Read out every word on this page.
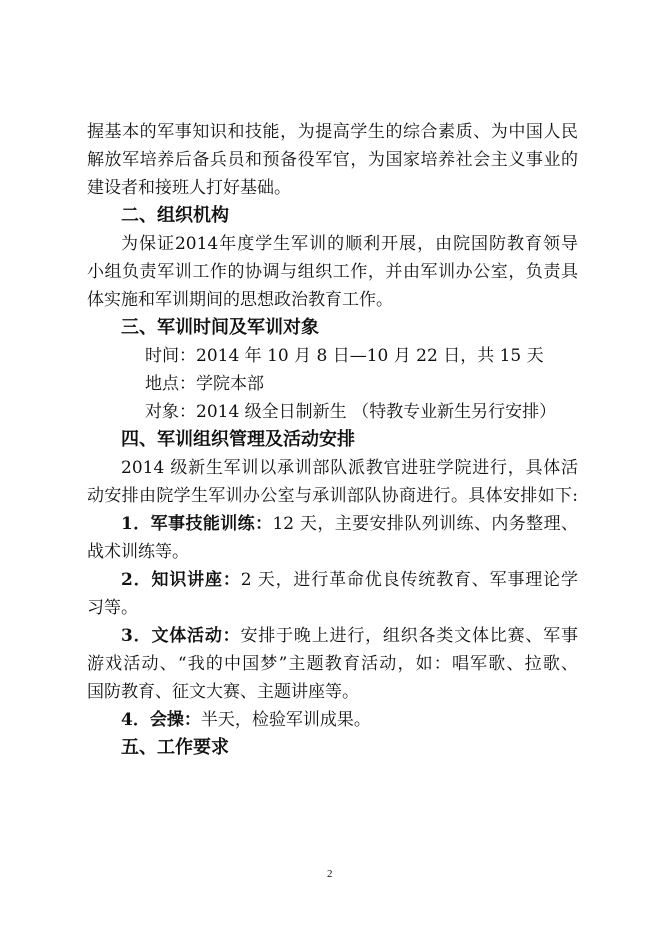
握基本的军事知识和技能，为提高学生的综合素质、为中国人民
解放军培养后备兵员和预备役军官，为国家培养社会主义事业的
建设者和接班人打好基础。
二、组织机构
为保证2014年度学生军训的顺利开展，由院国防教育领导
小组负责军训工作的协调与组织工作，并由军训办公室，负责具
体实施和军训期间的思想政治教育工作。
三、军训时间及军训对象
时间：2014 年 10 月 8 日—10 月 22 日，共 15 天
地点：学院本部
对象：2014 级全日制新生 （特教专业新生另行安排）
四、军训组织管理及活动安排
2014 级新生军训以承训部队派教官进驻学院进行，具体活
动安排由院学生军训办公室与承训部队协商进行。具体安排如下:
1．军事技能训练：12 天，主要安排队列训练、内务整理、
战术训练等。
2．知识讲座：2 天，进行革命优良传统教育、军事理论学
习等。
3．文体活动：安排于晚上进行，组织各类文体比赛、军事
游戏活动、“我的中国梦”主题教育活动，如：唱军歌、拉歌、
国防教育、征文大赛、主题讲座等。
4．会操：半天，检验军训成果。
五、工作要求
2
